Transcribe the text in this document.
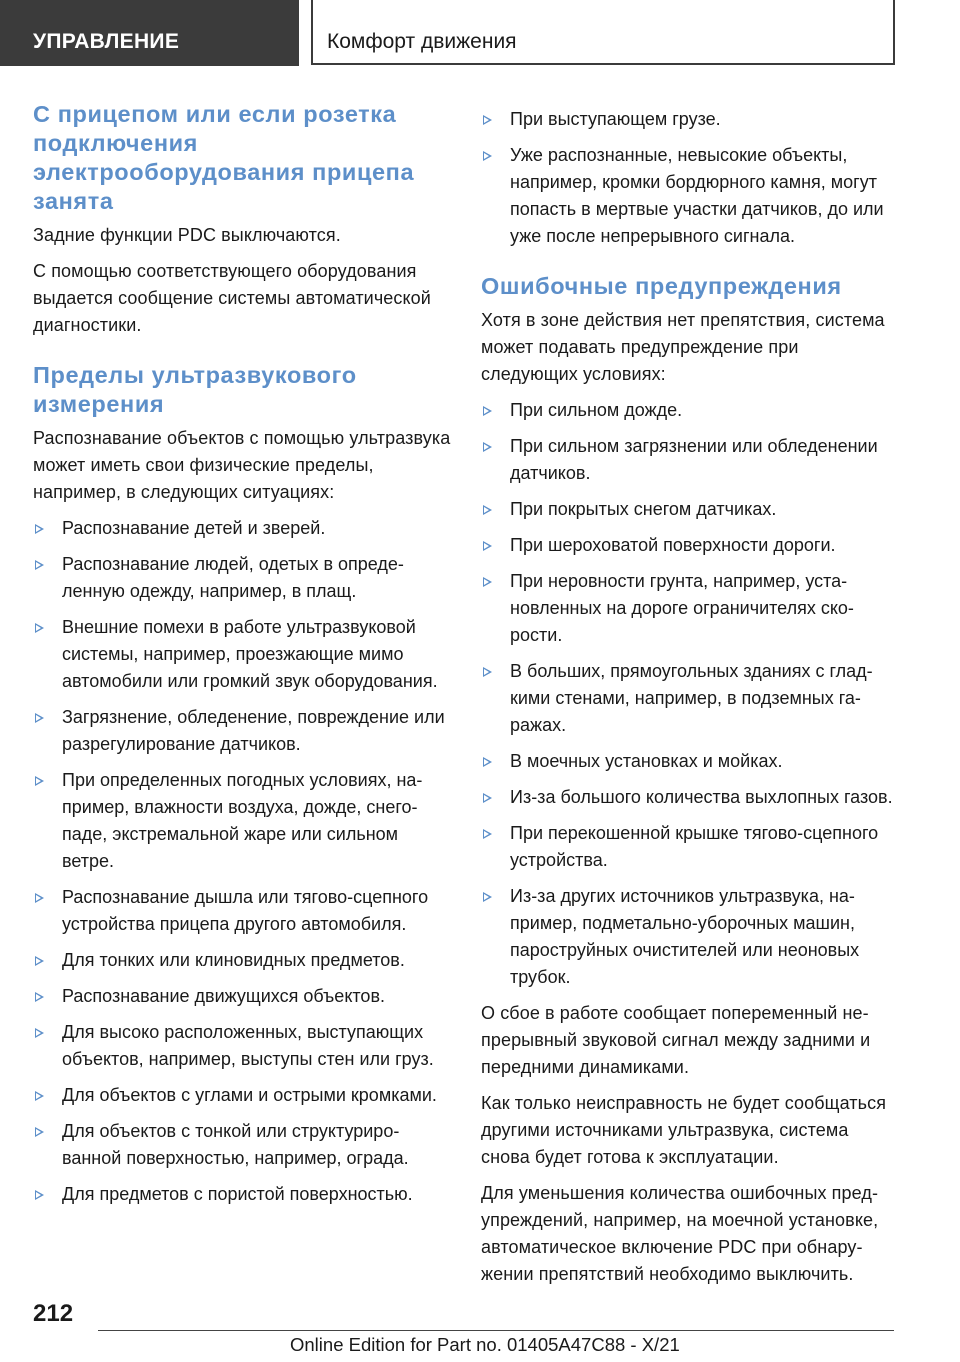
УПРАВЛЕНИЕ	Комфорт движения
С прицепом или если розетка подключения электрооборудования прицепа занята

Задние функции PDC выключаются.

С помощью соответствующего оборудования выдается сообщение системы автоматической диагностики.

Пределы ультразвукового измерения

Распознавание объектов с помощью ультразвука может иметь свои физические пределы, например, в следующих ситуациях:

Распознавание детей и зверей.
Распознавание людей, одетых в определенную одежду, например, в плащ.
Внешние помехи в работе ультразвуковой системы, например, проезжающие мимо автомобили или громкий звук оборудования.
Загрязнение, обледенение, повреждение или разрегулирование датчиков.
При определенных погодных условиях, например, влажности воздуха, дожде, снегопаде, экстремальной жаре или сильном ветре.
Распознавание дышла или тягово-сцепного устройства прицепа другого автомобиля.
Для тонких или клиновидных предметов.
Распознавание движущихся объектов.
Для высоко расположенных, выступающих объектов, например, выступы стен или груз.
Для объектов с углами и острыми кромками.
Для объектов с тонкой или структурированной поверхностью, например, ограда.
Для предметов с пористой поверхностью.
При выступающем грузе.
Уже распознанные, невысокие объекты, например, кромки бордюрного камня, могут попасть в мертвые участки датчиков, до или уже после непрерывного сигнала.
Ошибочные предупреждения

Хотя в зоне действия нет препятствия, система может подавать предупреждение при следующих условиях:

При сильном дожде.
При сильном загрязнении или обледенении датчиков.
При покрытых снегом датчиках.
При шероховатой поверхности дороги.
При неровности грунта, например, установленных на дороге ограничителях скорости.
В больших, прямоугольных зданиях с гладкими стенами, например, в подземных гаражах.
В моечных установках и мойках.
Из-за большого количества выхлопных газов.
При перекошенной крышке тягово-сцепного устройства.
Из-за других источников ультразвука, например, подметально-уборочных машин, пароструйных очистителей или неоновых трубок.

О сбое в работе сообщает попеременный непрерывный звуковой сигнал между задними и передними динамиками.

Как только неисправность не будет сообщаться другими источниками ультразвука, система снова будет готова к эксплуатации.

Для уменьшения количества ошибочных предупреждений, например, на моечной установке, автоматическое включение PDC при обнаружении препятствий необходимо выключить.

212
Online Edition for Part no. 01405A47C88 - X/21
